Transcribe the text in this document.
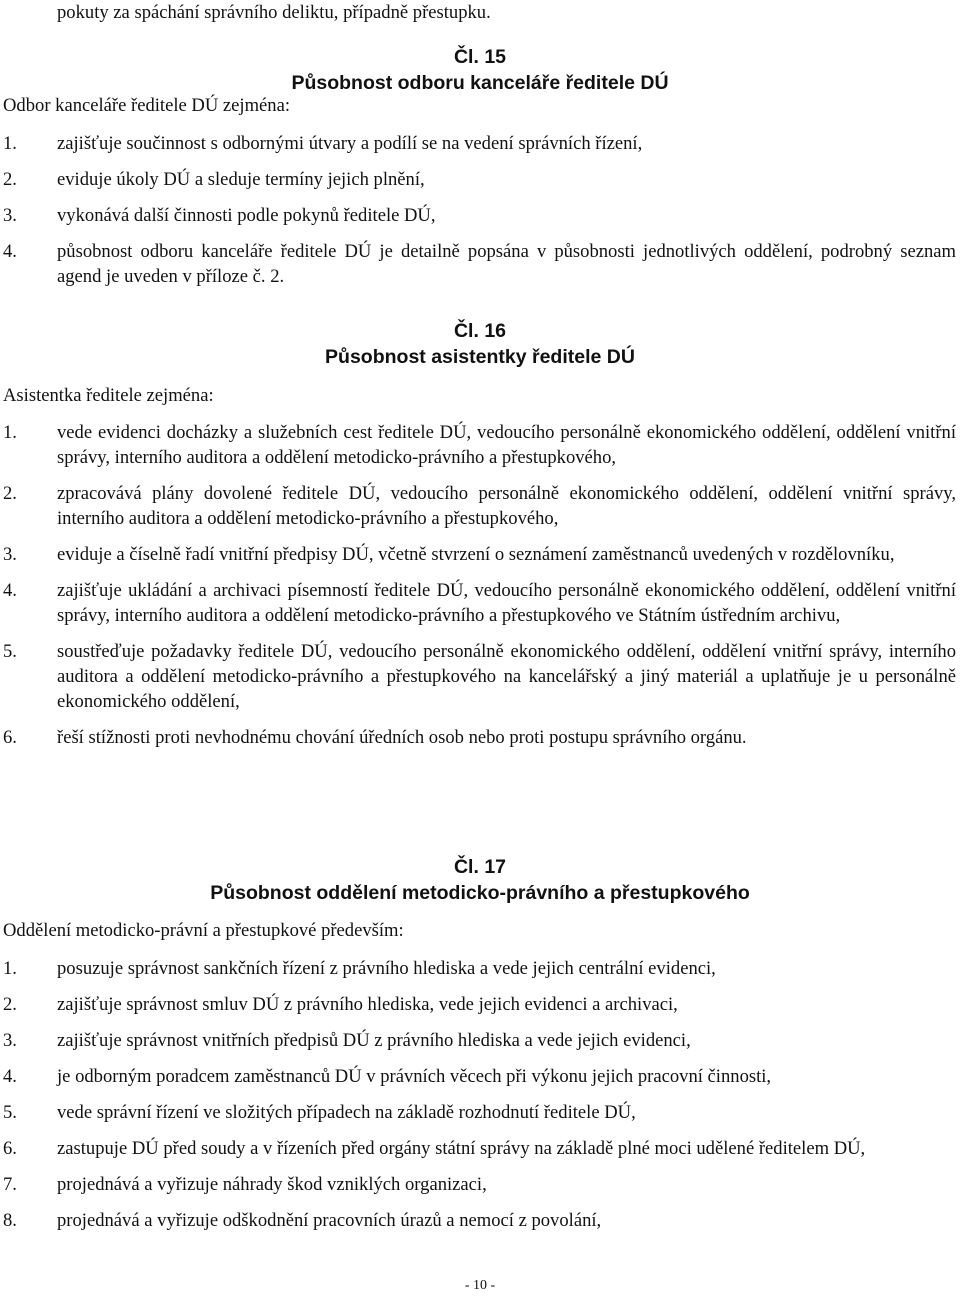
pokuty za spáchání správního deliktu, případně přestupku.
Čl. 15
Působnost odboru kanceláře ředitele DÚ
Odbor kanceláře ředitele DÚ zejména:
1. zajišťuje součinnost s odbornými útvary a podílí se na vedení správních řízení,
2. eviduje úkoly DÚ a sleduje termíny jejich plnění,
3. vykonává další činnosti podle pokynů ředitele DÚ,
4. působnost odboru kanceláře ředitele DÚ je detailně popsána v působnosti jednotlivých oddělení, podrobný seznam agend je uveden v příloze č. 2.
Čl. 16
Působnost asistentky ředitele DÚ
Asistentka ředitele zejména:
1. vede evidenci docházky a služebních cest ředitele DÚ, vedoucího personálně ekonomického oddělení, oddělení vnitřní správy, interního auditora a oddělení metodicko-právního a přestupkového,
2. zpracovává plány dovolené ředitele DÚ, vedoucího personálně ekonomického oddělení, oddělení vnitřní správy, interního auditora a oddělení metodicko-právního a přestupkového,
3. eviduje a číselně řadí vnitřní předpisy DÚ, včetně stvrzení o seznámení zaměstnanců uvedených v rozdělovníku,
4. zajišťuje ukládání a archivaci písemností ředitele DÚ, vedoucího personálně ekonomického oddělení, oddělení vnitřní správy, interního auditora a oddělení metodicko-právního a přestupkového ve Státním ústředním archivu,
5. soustřeďuje požadavky ředitele DÚ, vedoucího personálně ekonomického oddělení, oddělení vnitřní správy, interního auditora a oddělení metodicko-právního a přestupkového na kancelářský a jiný materiál a uplatňuje je u personálně ekonomického oddělení,
6. řeší stížnosti proti nevhodnému chování úředních osob nebo proti postupu správního orgánu.
Čl. 17
Působnost oddělení metodicko-právního a přestupkového
Oddělení metodicko-právní a přestupkové především:
1. posuzuje správnost sankčních řízení z právního hlediska a vede jejich centrální evidenci,
2. zajišťuje správnost smluv DÚ z právního hlediska, vede jejich evidenci a archivaci,
3. zajišťuje správnost vnitřních předpisů DÚ z právního hlediska a vede jejich evidenci,
4. je odborným poradcem zaměstnanců DÚ v právních věcech při výkonu jejich pracovní činnosti,
5. vede správní řízení ve složitých případech na základě rozhodnutí ředitele DÚ,
6. zastupuje DÚ před soudy a v řízeních před orgány státní správy na základě plné moci udělené ředitelem DÚ,
7. projednává a vyřizuje náhrady škod vzniklých organizaci,
8. projednává a vyřizuje odškodnění pracovních úrazů a nemocí z povolání,
- 10 -
